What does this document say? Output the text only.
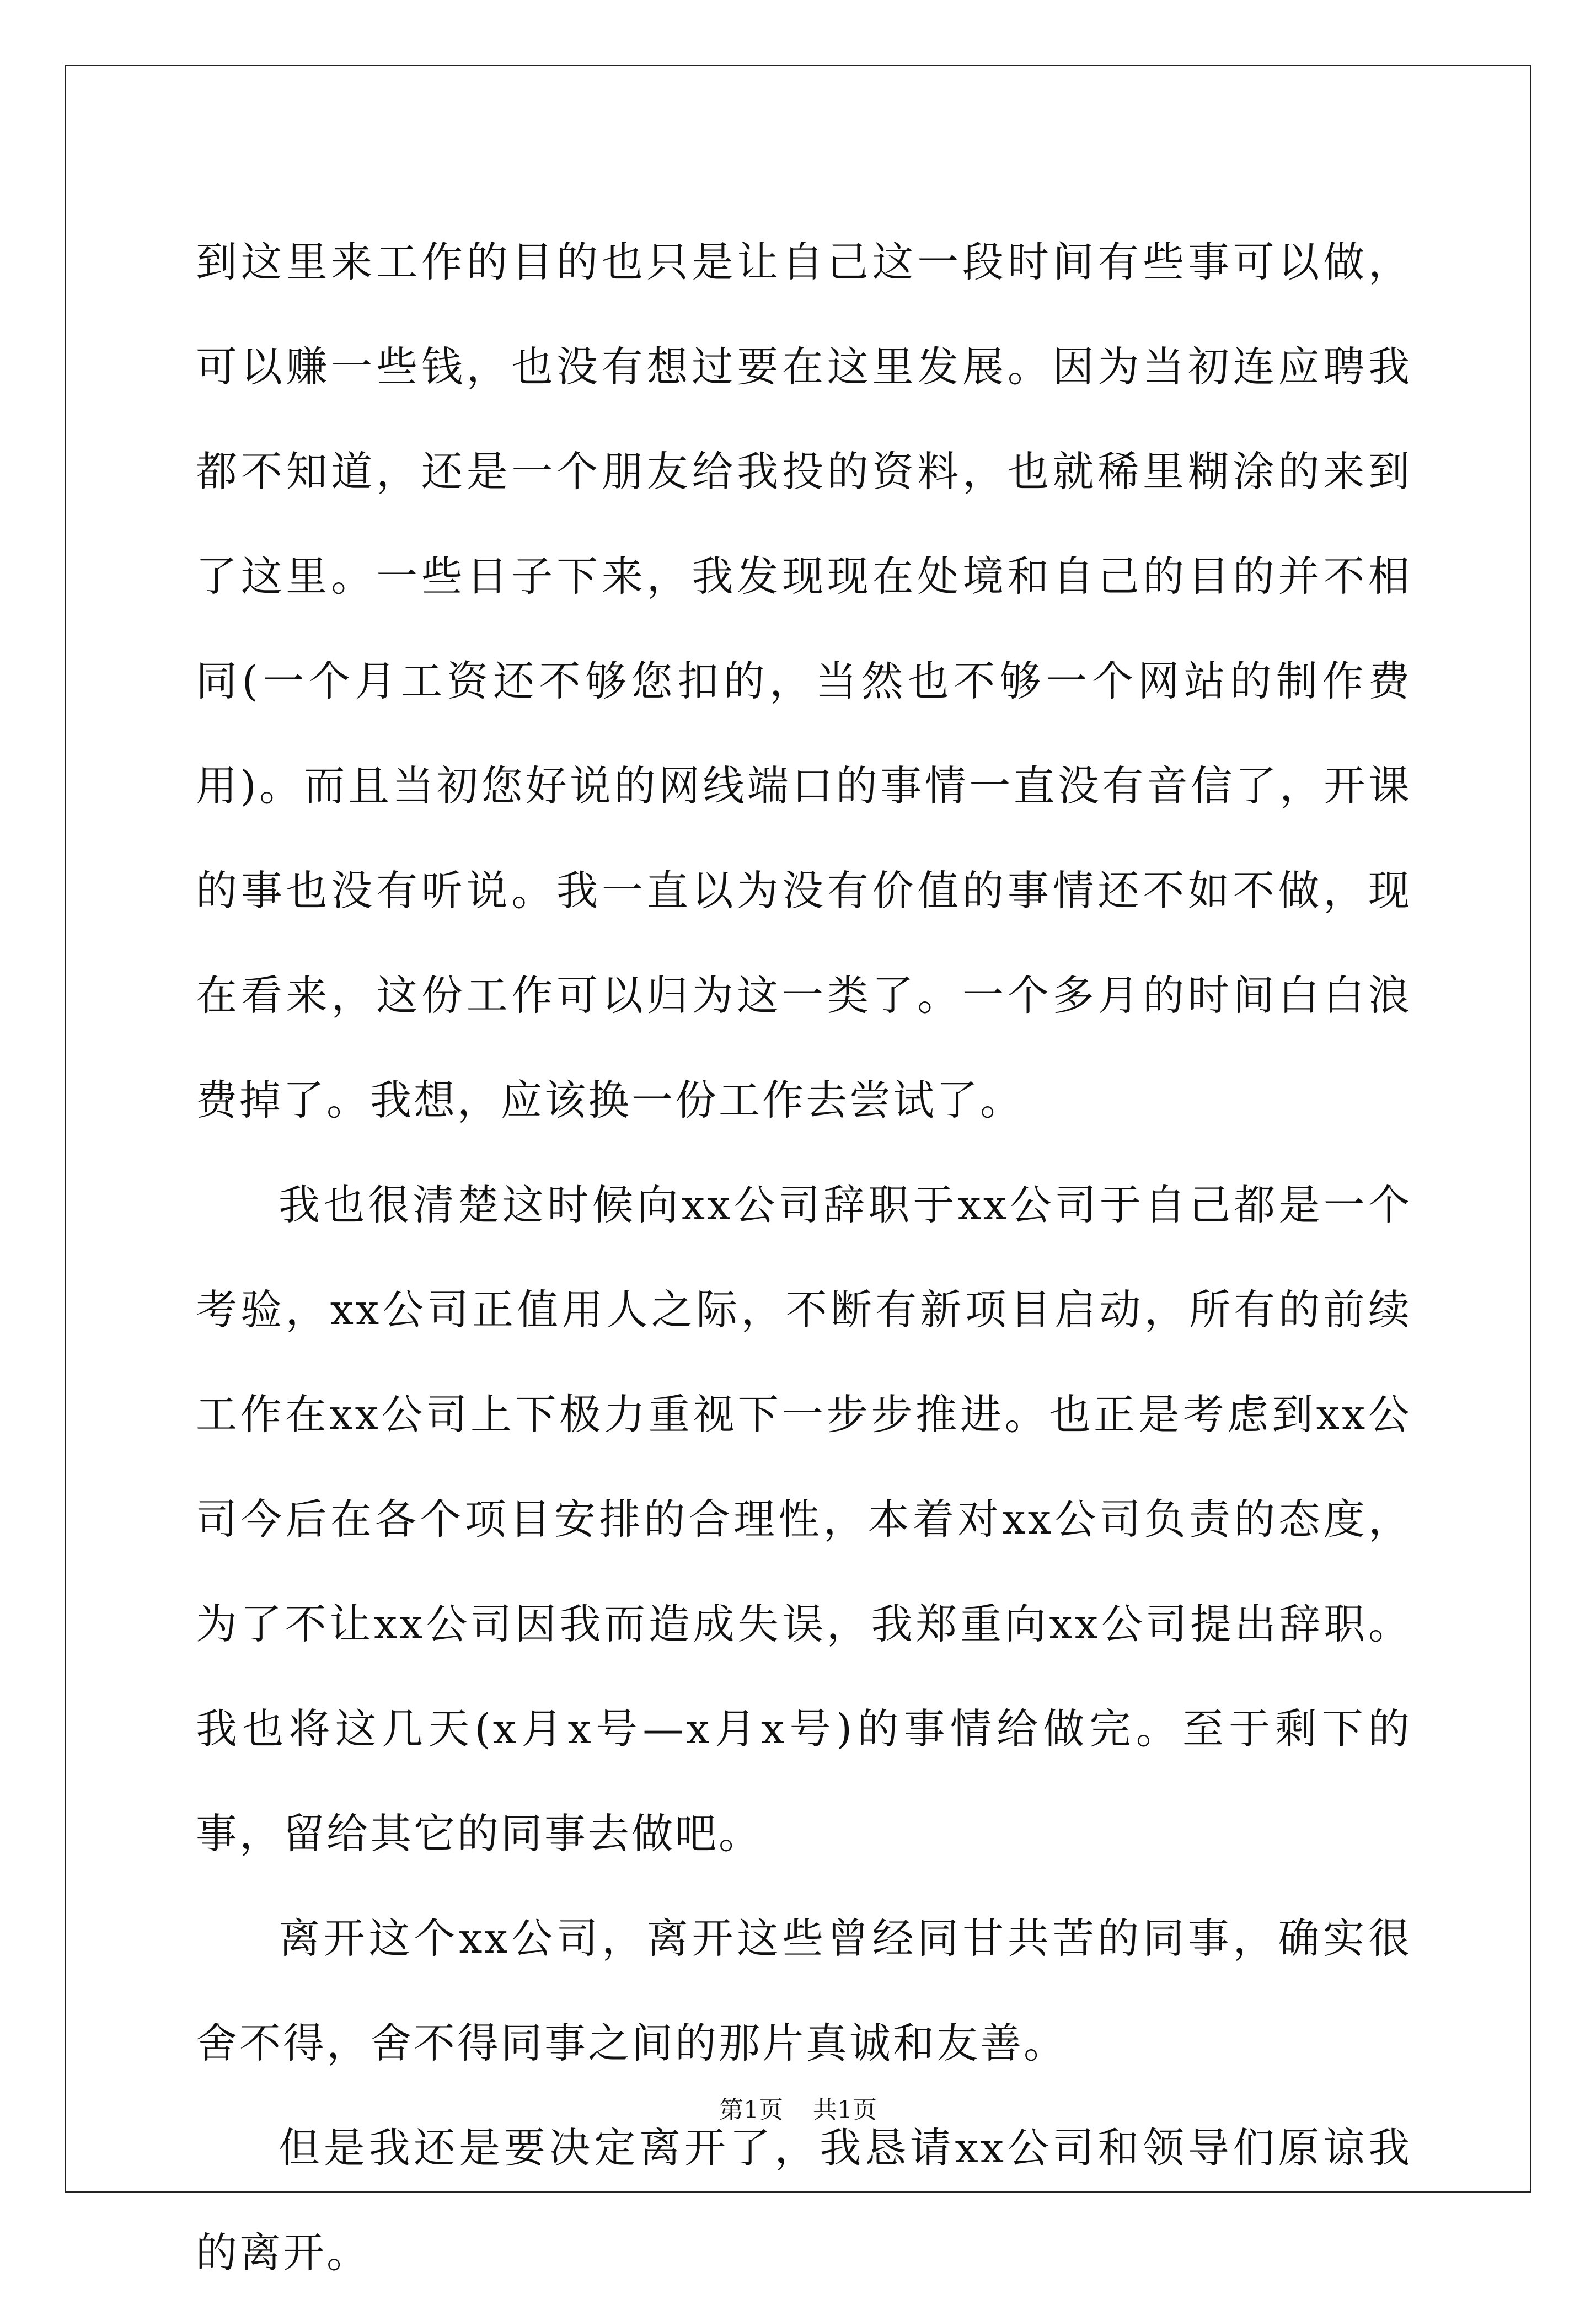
到这里来工作的目的也只是让自己这一段时间有些事可以做，可以赚一些钱，也没有想过要在这里发展。因为当初连应聘我都不知道，还是一个朋友给我投的资料，也就稀里糊涂的来到了这里。一些日子下来，我发现现在处境和自己的目的并不相同(一个月工资还不够您扣的，当然也不够一个网站的制作费用)。而且当初您好说的网线端口的事情一直没有音信了，开课的事也没有听说。我一直以为没有价值的事情还不如不做，现在看来，这份工作可以归为这一类了。一个多月的时间白白浪费掉了。我想，应该换一份工作去尝试了。

我也很清楚这时候向xx公司辞职于xx公司于自己都是一个考验，xx公司正值用人之际，不断有新项目启动，所有的前续工作在xx公司上下极力重视下一步步推进。也正是考虑到xx公司今后在各个项目安排的合理性，本着对xx公司负责的态度，为了不让xx公司因我而造成失误，我郑重向xx公司提出辞职。我也将这几天(x月x号—x月x号)的事情给做完。至于剩下的事，留给其它的同事去做吧。

离开这个xx公司，离开这些曾经同甘共苦的同事，确实很舍不得，舍不得同事之间的那片真诚和友善。

但是我还是要决定离开了，我恳请xx公司和领导们原谅我的离开。

第1页 共1页
